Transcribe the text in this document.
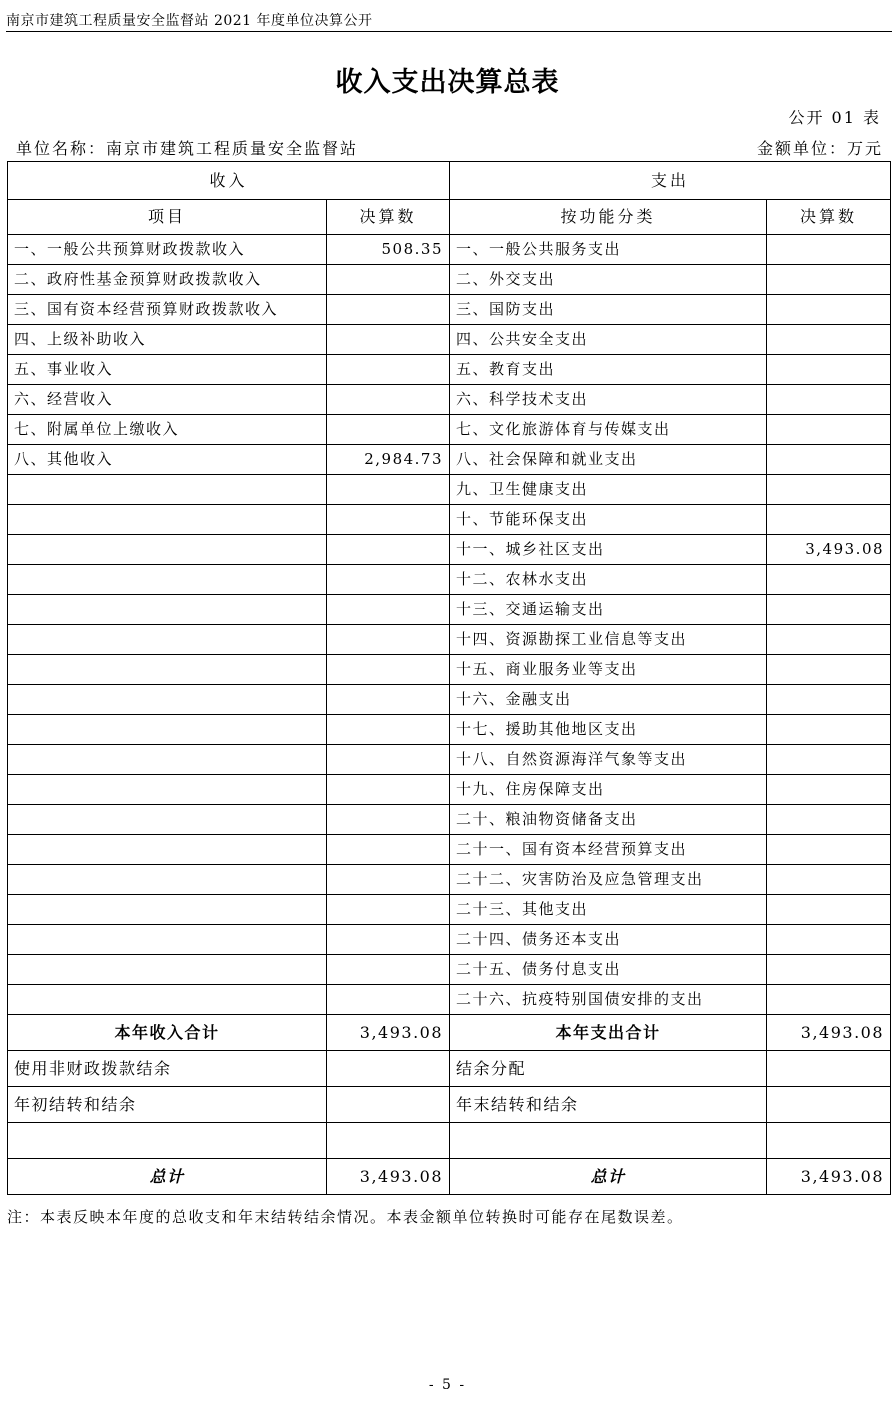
南京市建筑工程质量安全监督站 2021 年度单位决算公开
收入支出决算总表
公开 01 表
单位名称：南京市建筑工程质量安全监督站	金额单位：万元
收入		支出	
项目	决算数	按功能分类	决算数
一、一般公共预算财政拨款收入	508.35	一、一般公共服务支出	
二、政府性基金预算财政拨款收入		二、外交支出	
三、国有资本经营预算财政拨款收入		三、国防支出	
四、上级补助收入		四、公共安全支出	
五、事业收入		五、教育支出	
六、经营收入		六、科学技术支出	
七、附属单位上缴收入		七、文化旅游体育与传媒支出	
八、其他收入	2,984.73	八、社会保障和就业支出	
		九、卫生健康支出	
		十、节能环保支出	
		十一、城乡社区支出	3,493.08
		十二、农林水支出	
		十三、交通运输支出	
		十四、资源勘探工业信息等支出	
		十五、商业服务业等支出	
		十六、金融支出	
		十七、援助其他地区支出	
		十八、自然资源海洋气象等支出	
		十九、住房保障支出	
		二十、粮油物资储备支出	
		二十一、国有资本经营预算支出	
		二十二、灾害防治及应急管理支出	
		二十三、其他支出	
		二十四、债务还本支出	
		二十五、债务付息支出	
		二十六、抗疫特别国债安排的支出	
本年收入合计	3,493.08	本年支出合计	3,493.08
使用非财政拨款结余		结余分配	
年初结转和结余		年末结转和结余	

总计	3,493.08	总计	3,493.08
注：本表反映本年度的总收支和年末结转结余情况。本表金额单位转换时可能存在尾数误差。
- 5 -
